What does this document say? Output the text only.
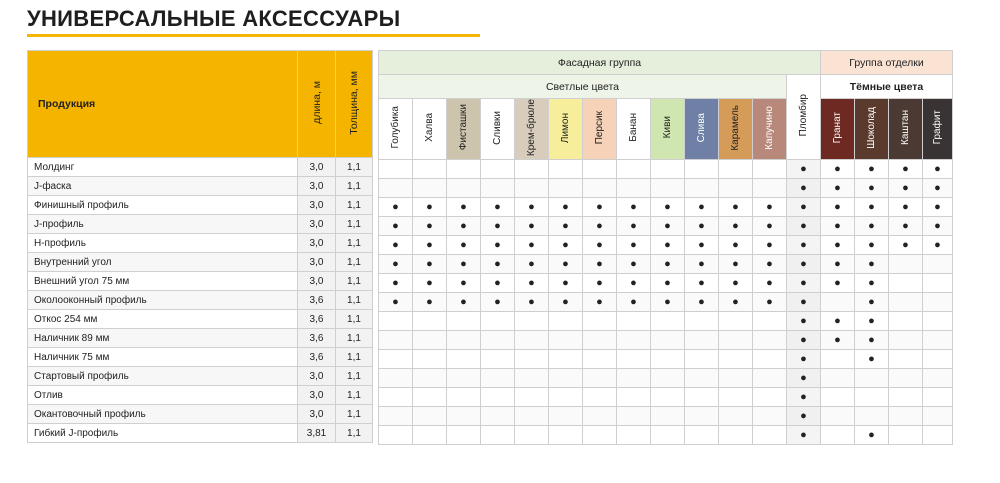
УНИВЕРСАЛЬНЫЕ АКСЕССУАРЫ
Продукция	длина, м	Толщина, мм
Молдинг	3,0	1,1
J-фаска	3,0	1,1
Финишный профиль	3,0	1,1
J-профиль	3,0	1,1
H-профиль	3,0	1,1
Внутренний угол	3,0	1,1
Внешний угол 75 мм	3,0	1,1
Околооконный профиль	3,6	1,1
Откос 254 мм	3,6	1,1
Наличник 89 мм	3,6	1,1
Наличник 75 мм	3,6	1,1
Стартовый профиль	3,0	1,1
Отлив	3,0	1,1
Окантовочный профиль	3,0	1,1
Гибкий J-профиль	3,81	1,1
Фасадная группа													Группа отделки			
Светлые цвета												Пломбир	Тёмные цвета			
Голубика	Халва	Фисташки	Сливки	Крем-брюле	Лимон	Персик	Банан	Киви	Слива	Карамель	Капучино		Гранат	Шоколад	Каштан	Графит
												●	●	●	●	●
												●	●	●	●	●
●	●	●	●	●	●	●	●	●	●	●	●	●	●	●	●	●
●	●	●	●	●	●	●	●	●	●	●	●	●	●	●	●	●
●	●	●	●	●	●	●	●	●	●	●	●	●	●	●	●	●
●	●	●	●	●	●	●	●	●	●	●	●	●	●	●		
●	●	●	●	●	●	●	●	●	●	●	●	●	●	●		
●	●	●	●	●	●	●	●	●	●	●	●	●		●		
												●	●	●		
												●	●	●		
												●		●		
												●				
												●				
												●				
												●		●		
